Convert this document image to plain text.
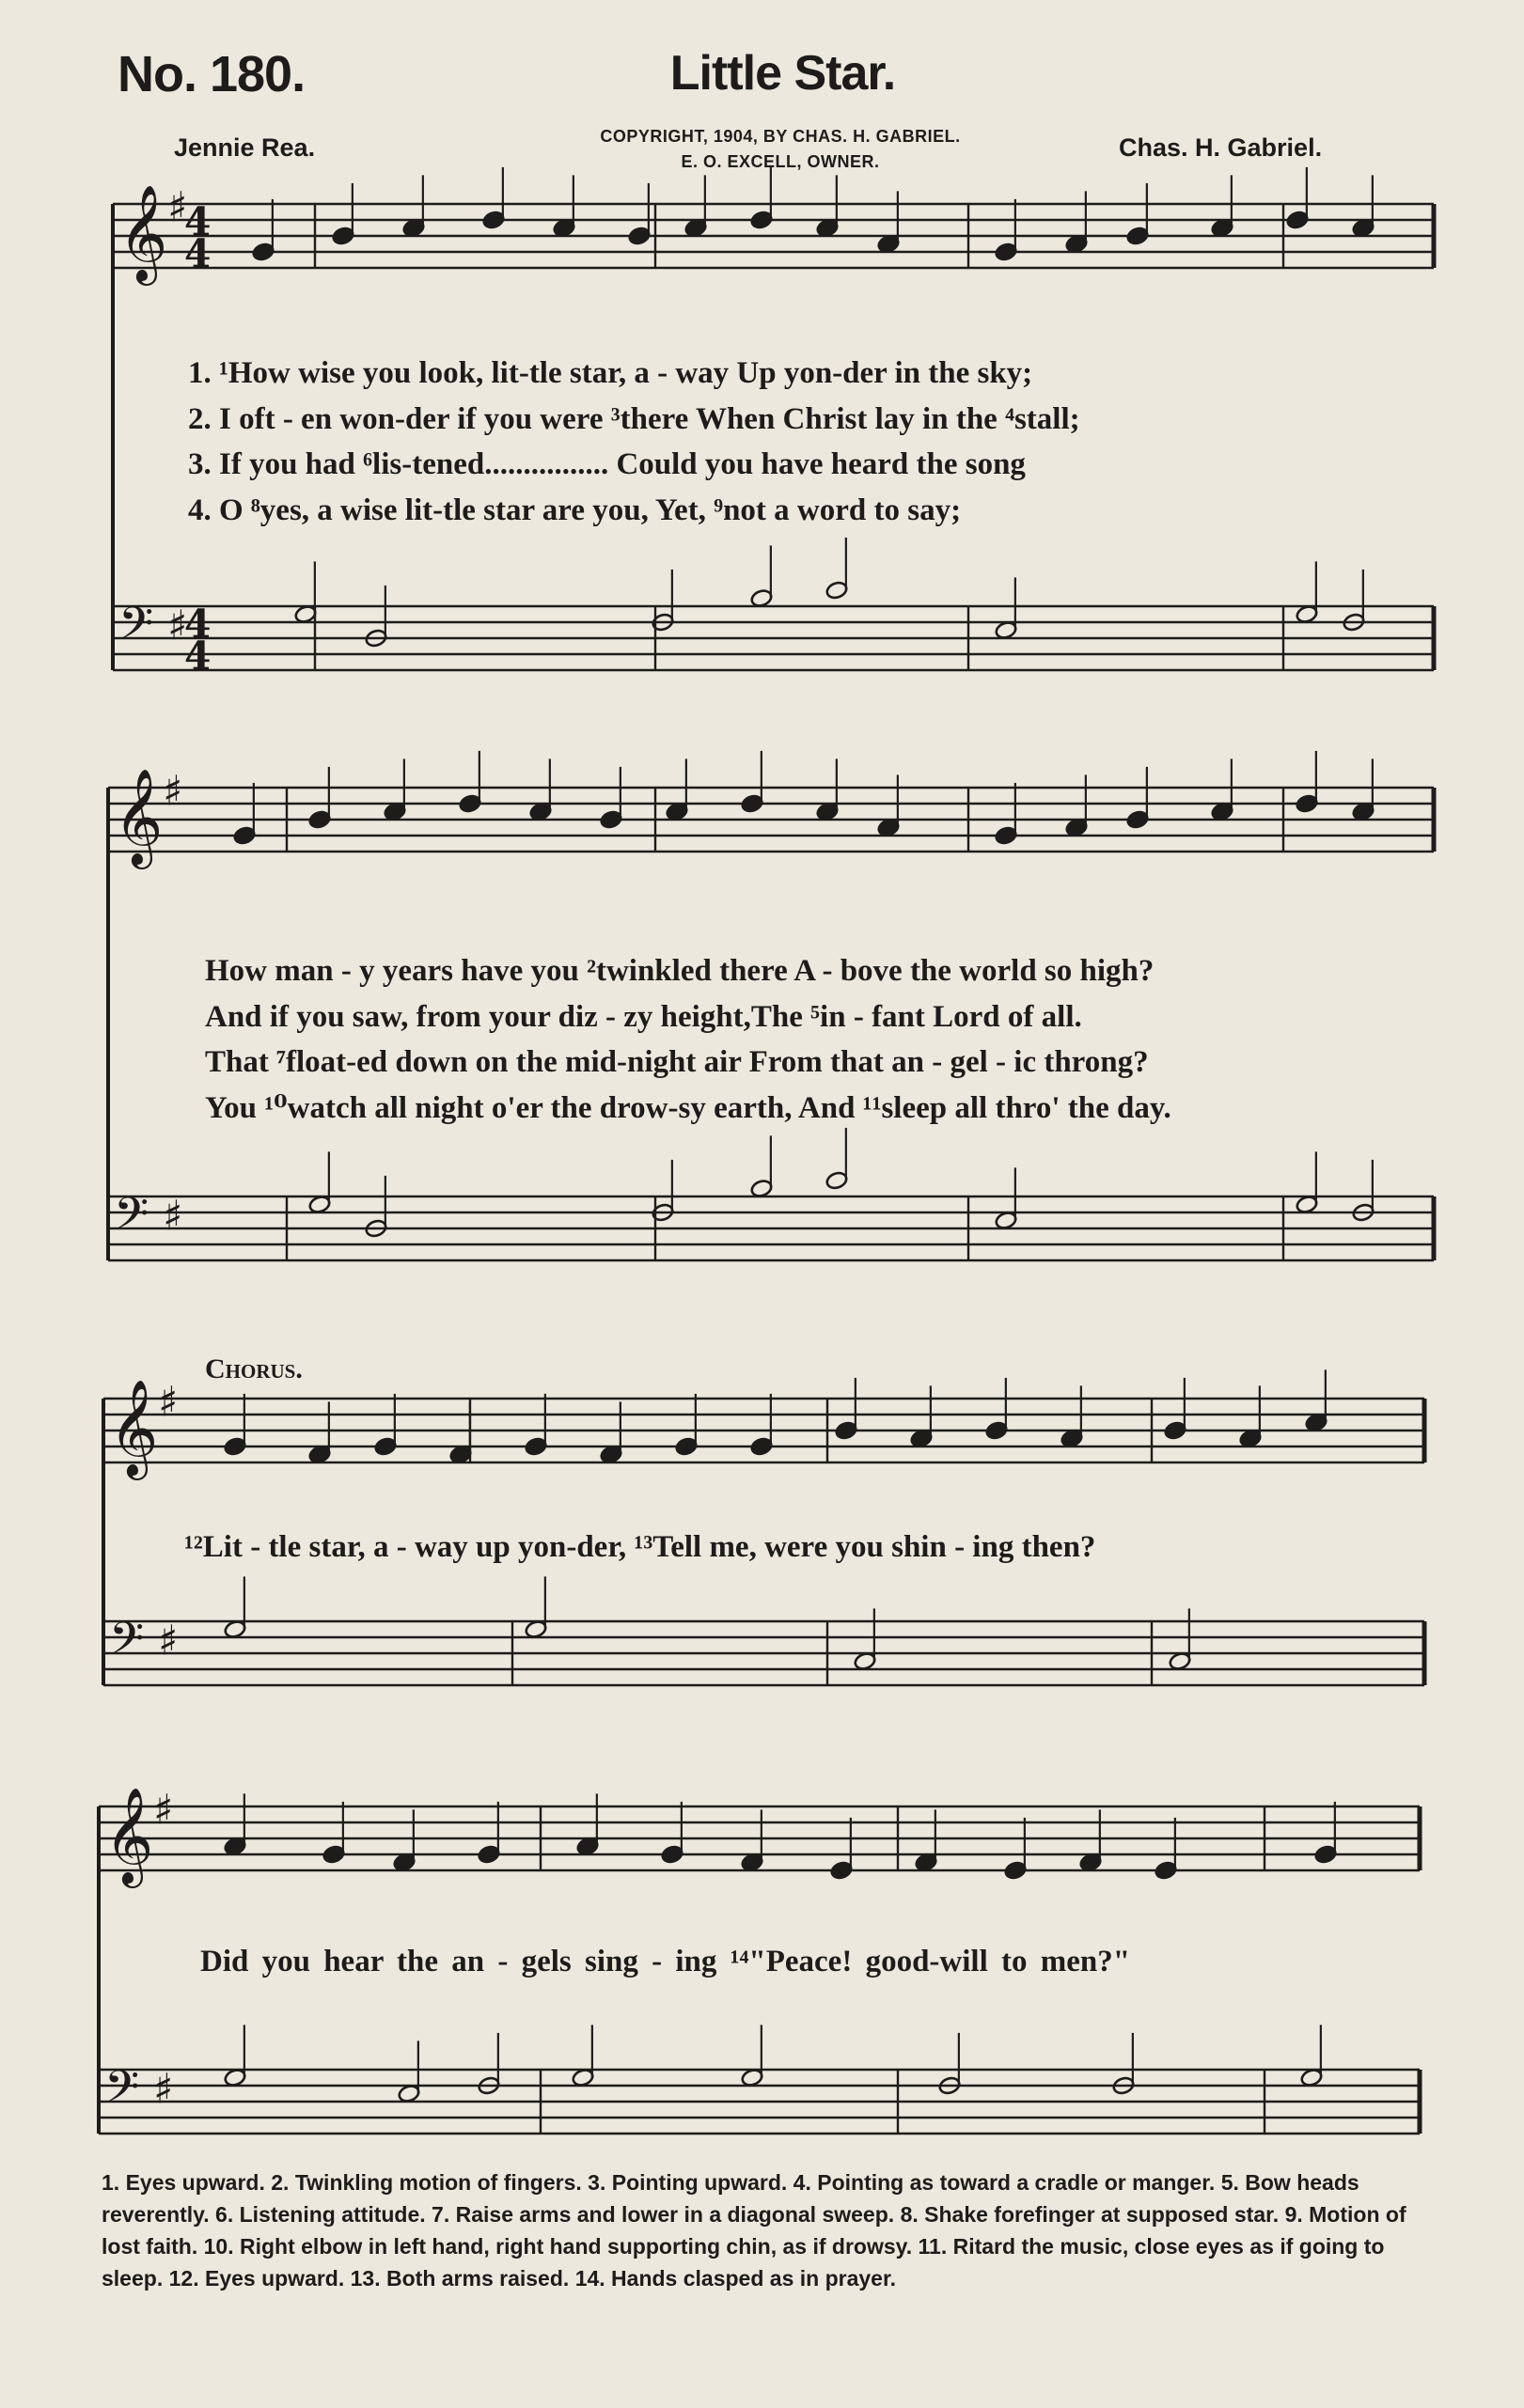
No. 180.	Little Star.
Jennie Rea.	COPYRIGHT, 1904, BY CHAS. H. GABRIEL.
E. O. EXCELL, OWNER.	Chas. H. Gabriel.
𝄞 ♯
4
4
𝄢 ♯
4
4
𝄞 ♯
𝄢 ♯
𝄞 ♯
𝄢 ♯
𝄞 ♯
𝄢 ♯
1. ¹How wise you look, lit-tle star, a - way Up yon-der in the sky;
2. I oft - en won-der if you were ³there When Christ lay in the ⁴stall;
3. If you had ⁶lis-tened................ Could you have heard the song
4. O ⁸yes, a wise lit-tle star are you, Yet, ⁹not a word to say;
How man - y years have you ²twinkled there A - bove the world so high?
And if you saw, from your diz - zy height,The ⁵in - fant Lord of all.
That ⁷float-ed down on the mid-night air From that an - gel - ic throng?
You ¹⁰watch all night o'er the drow-sy earth, And ¹¹sleep all thro' the day.
Chorus.
¹²Lit - tle star, a - way up yon-der, ¹³Tell me, were you shin - ing then?
Did you hear the an - gels sing - ing ¹⁴"Peace! good-will to men?"
1. Eyes upward. 2. Twinkling motion of fingers. 3. Pointing upward. 4. Pointing as toward a cradle or manger. 5. Bow heads reverently. 6. Listening attitude. 7. Raise arms and lower in a diagonal sweep. 8. Shake forefinger at supposed star. 9. Motion of lost faith. 10. Right elbow in left hand, right hand supporting chin, as if drowsy. 11. Ritard the music, close eyes as if going to sleep. 12. Eyes upward. 13. Both arms raised. 14. Hands clasped as in prayer.
